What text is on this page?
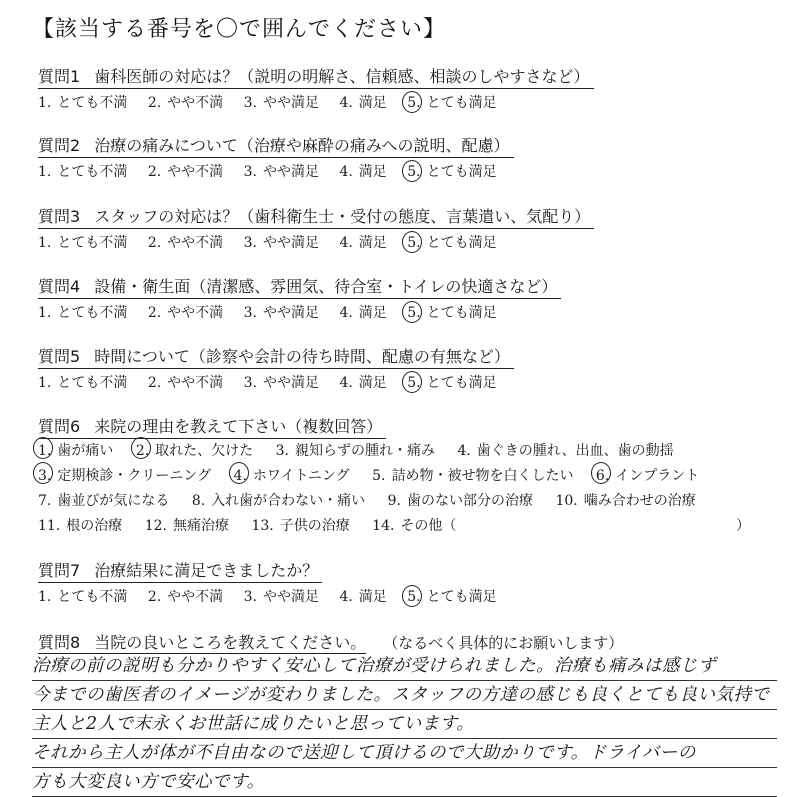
【該当する番号を〇で囲んでください】
質問1 歯科医師の対応は？（説明の明解さ、信頼感、相談のしやすさなど）
1. とても不満 2. やや不満 3. やや満足 4. 満足 5. とても満足
質問2 治療の痛みについて（治療や麻酔の痛みへの説明、配慮）
1. とても不満 2. やや不満 3. やや満足 4. 満足 5. とても満足
質問3 スタッフの対応は？（歯科衛生士・受付の態度、言葉遣い、気配り）
1. とても不満 2. やや不満 3. やや満足 4. 満足 5. とても満足
質問4 設備・衛生面（清潔感、雰囲気、待合室・トイレの快適さなど）
1. とても不満 2. やや不満 3. やや満足 4. 満足 5. とても満足
質問5 時間について（診察や会計の待ち時間、配慮の有無など）
1. とても不満 2. やや不満 3. やや満足 4. 満足 5. とても満足
質問6 来院の理由を教えて下さい（複数回答）
1. 歯が痛い 2. 取れた、欠けた 3. 親知らずの腫れ・痛み 4. 歯ぐきの腫れ、出血、歯の動揺
3. 定期検診・クリーニング 4. ホワイトニング 5. 詰め物・被せ物を白くしたい 6. インプラント
7. 歯並びが気になる 8. 入れ歯が合わない・痛い 9. 歯のない部分の治療 10. 噛み合わせの治療
11. 根の治療 12. 無痛治療 13. 子供の治療 14. その他（	）
質問7 治療結果に満足できましたか？
1. とても不満 2. やや不満 3. やや満足 4. 満足 5. とても満足
質問8 当院の良いところを教えてください。 （なるべく具体的にお願いします）
治療の前の説明も分かりやすく安心して治療が受けられました。治療も痛みは感じず
今までの歯医者のイメージが変わりました。スタッフの方達の感じも良くとても良い気持で
主人と2人で末永くお世話に成りたいと思っています。
それから主人が体が不自由なので送迎して頂けるので大助かりです。ドライバーの
方も大変良い方で安心です。
